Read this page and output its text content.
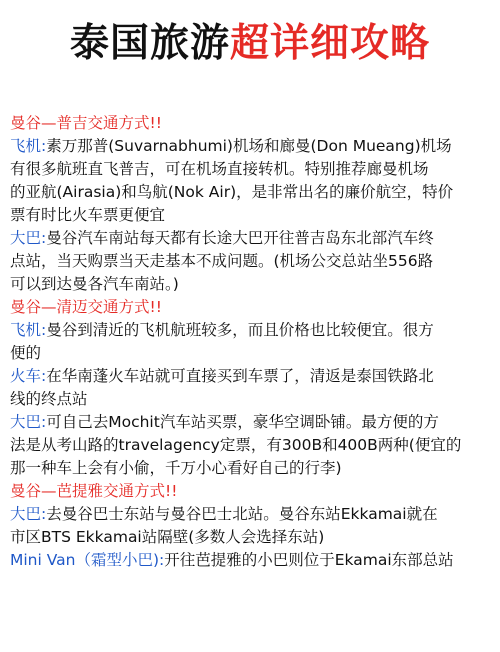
泰国旅游超详细攻略
曼谷—普吉交通方式!!
飞机:素万那普(Suvarnabhumi)机场和廊曼(Don Mueang)机场
有很多航班直飞普吉，可在机场直接转机。特别推荐廊曼机场
的亚航(Airasia)和鸟航(Nok Air)，是非常出名的廉价航空，特价
票有时比火车票更便宜
大巴:曼谷汽车南站每天都有长途大巴开往普吉岛东北部汽车终
点站，当天购票当天走基本不成问题。(机场公交总站坐556路
可以到达曼各汽车南站。)
曼谷—清迈交通方式!!
飞机:曼谷到清近的飞机航班较多，而且价格也比较便宜。很方
便的
火车:在华南蓬火车站就可直接买到车票了，清返是泰国铁路北
线的终点站
大巴:可自己去Mochit汽车站买票，豪华空调卧铺。最方便的方
法是从考山路的travelagency定票，有300B和400B两种(便宜的
那一种车上会有小偷，千万小心看好自己的行李)
曼谷—芭提雅交通方式!!
大巴:去曼谷巴士东站与曼谷巴士北站。曼谷东站Ekkamai就在
市区BTS Ekkamai站隔壁(多数人会选择东站)
Mini Van（霜型小巴):开往芭提雅的小巴则位于Ekamai东部总站
